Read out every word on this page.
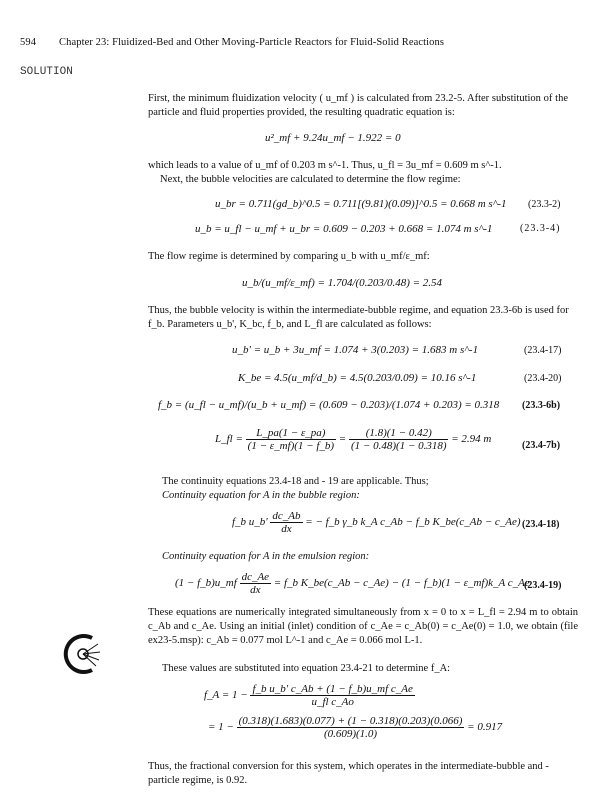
594 Chapter 23: Fluidized-Bed and Other Moving-Particle Reactors for Fluid-Solid Reactions
SOLUTION
First, the minimum fluidization velocity ( u_mf ) is calculated from 23.2-5. After substitution of the particle and fluid properties provided, the resulting quadratic equation is:
u²_mf + 9.24u_mf − 1.922 = 0
which leads to a value of u_mf of 0.203 m s^-1. Thus, u_fl = 3u_mf = 0.609 m s^-1.
Next, the bubble velocities are calculated to determine the flow regime:
u_br = 0.711(gd_b)^0.5 = 0.711[(9.81)(0.09)]^0.5 = 0.668 m s^-1 (23.3-2)
u_b = u_fl − u_mf + u_br = 0.609 − 0.203 + 0.668 = 1.074 m s^-1	(23.3-4)
The flow regime is determined by comparing u_b with u_mf/ε_mf:
u_b/(u_mf/ε_mf) = 1.704/(0.203/0.48) = 2.54
Thus, the bubble velocity is within the intermediate-bubble regime, and equation 23.3-6b is used for f_b. Parameters u_b', K_bc, f_b, and L_fl are calculated as follows:
u_b' = u_b + 3u_mf = 1.074 + 3(0.203) = 1.683 m s^-1	(23.4-17)
K_be = 4.5(u_mf/d_b) = 4.5(0.203/0.09) = 10.16 s^-1	(23.4-20)
f_b = (u_fl − u_mf)/(u_b + u_mf) = (0.609 − 0.203)/(1.074 + 0.203) = 0.318 (23.3-6b)
L_fl = $\frac{L\_pa(1 - \varepsilon\_pa)}{(1 - \varepsilon\_mf)(1 - f\_b)} = \frac{(1.8)(1 - 0.42)}{(1 - 0.48)(1 - 0.318)} = 2.94$ m
(23.4-7b)
The continuity equations 23.4-18 and - 19 are applicable. Thus;
Continuity equation for A in the bubble region:
f_b u_b' $\frac{dc\_Ab}{dx}$ = − f_b γ_b k_A c_Ab − f_b K_be(c_Ab − c_Ae) (23.4-18)
Continuity equation for A in the emulsion region:
(1 − f_b)u_mf $\frac{dc\_Ae}{dx}$ = f_b K_be(c_Ab − c_Ae) − (1 − f_b)(1 − ε_mf)k_A c_Ae
(23.4-19)
These equations are numerically integrated simultaneously from x = 0 to x = L_fl = 2.94 m to obtain c_Ab and c_Ae. Using an initial (inlet) condition of c_Ae = c_Ab(0) = c_Ae(0) = 1.0, we obtain (file ex23-5.msp): c_Ab = 0.077 mol L^-1 and c_Ae = 0.066 mol L-1.
These values are substituted into equation 23.4-21 to determine f_A:
f_A = $1 - \frac{\text{f\_b u\_b' c\_Ab + (1 − f\_b)u\_mf c\_Ae}}{\text{u\_fl c\_Ao}}$
= $1 - \frac{(0.318)(1.683)(0.077) + (1 - 0.318)(0.203)(0.066)}{(0.609)(1.0)} = 0.917$
Thus, the fractional conversion for this system, which operates in the intermediate-bubble and -particle regime, is 0.92.
